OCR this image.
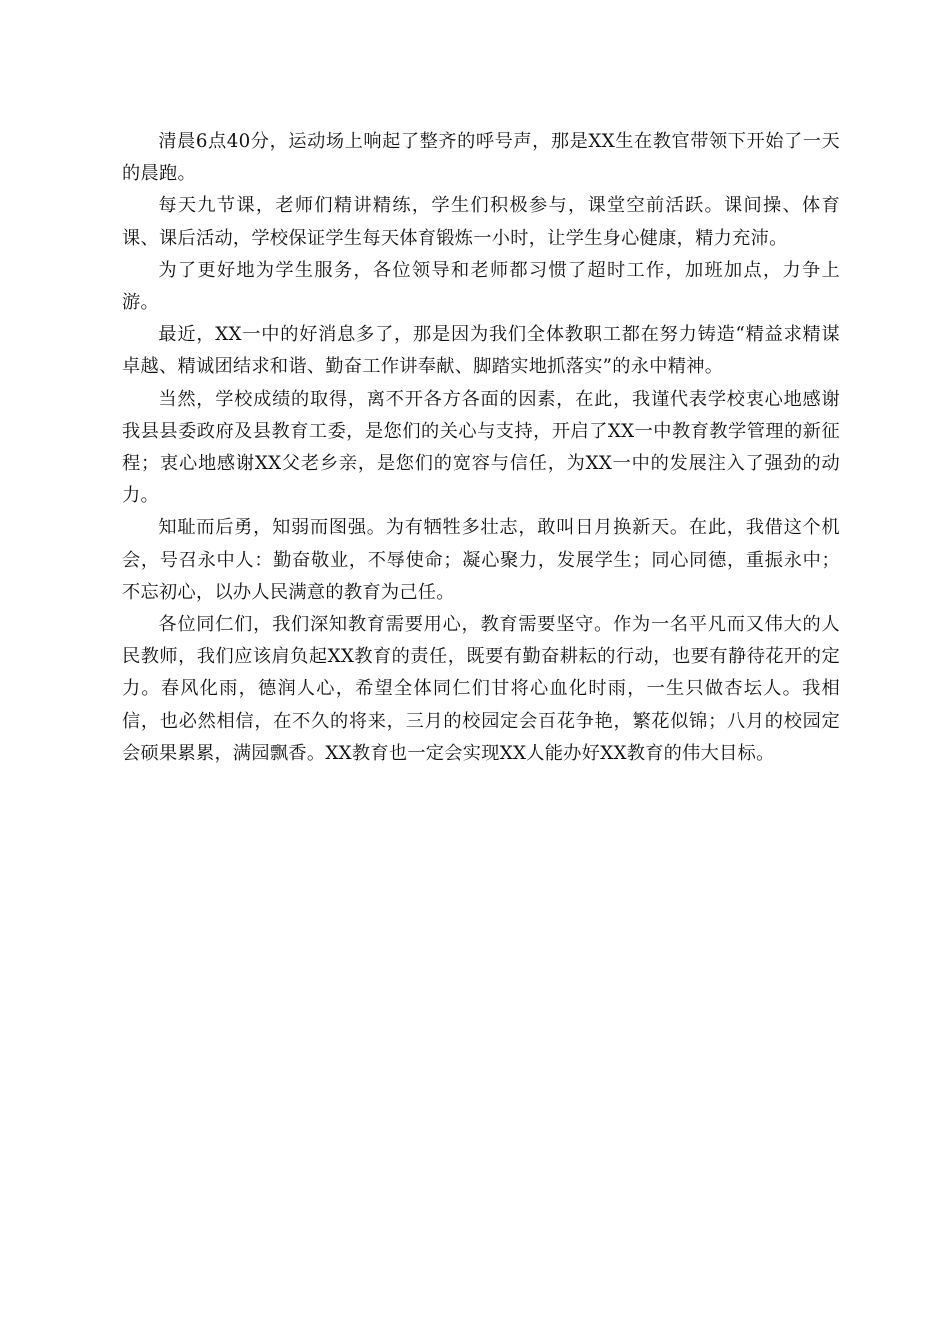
清晨6点40分，运动场上响起了整齐的呼号声，那是XX生在教官带领下开始了一天的晨跑。

每天九节课，老师们精讲精练，学生们积极参与，课堂空前活跃。课间操、体育课、课后活动，学校保证学生每天体育锻炼一小时，让学生身心健康，精力充沛。

为了更好地为学生服务，各位领导和老师都习惯了超时工作，加班加点，力争上游。

最近，XX一中的好消息多了，那是因为我们全体教职工都在努力铸造“精益求精谋卓越、精诚团结求和谐、勤奋工作讲奉献、脚踏实地抓落实”的永中精神。

当然，学校成绩的取得，离不开各方各面的因素，在此，我谨代表学校衷心地感谢我县县委政府及县教育工委，是您们的关心与支持，开启了XX一中教育教学管理的新征程；衷心地感谢XX父老乡亲，是您们的宽容与信任，为XX一中的发展注入了强劲的动力。

知耻而后勇，知弱而图强。为有牺牲多壮志，敢叫日月换新天。在此，我借这个机会，号召永中人：勤奋敬业，不辱使命；凝心聚力，发展学生；同心同德，重振永中；不忘初心，以办人民满意的教育为己任。

各位同仁们，我们深知教育需要用心，教育需要坚守。作为一名平凡而又伟大的人民教师，我们应该肩负起XX教育的责任，既要有勤奋耕耘的行动，也要有静待花开的定力。春风化雨，德润人心，希望全体同仁们甘将心血化时雨，一生只做杏坛人。我相信，也必然相信，在不久的将来，三月的校园定会百花争艳，繁花似锦；八月的校园定会硕果累累，满园飘香。XX教育也一定会实现XX人能办好XX教育的伟大目标。
